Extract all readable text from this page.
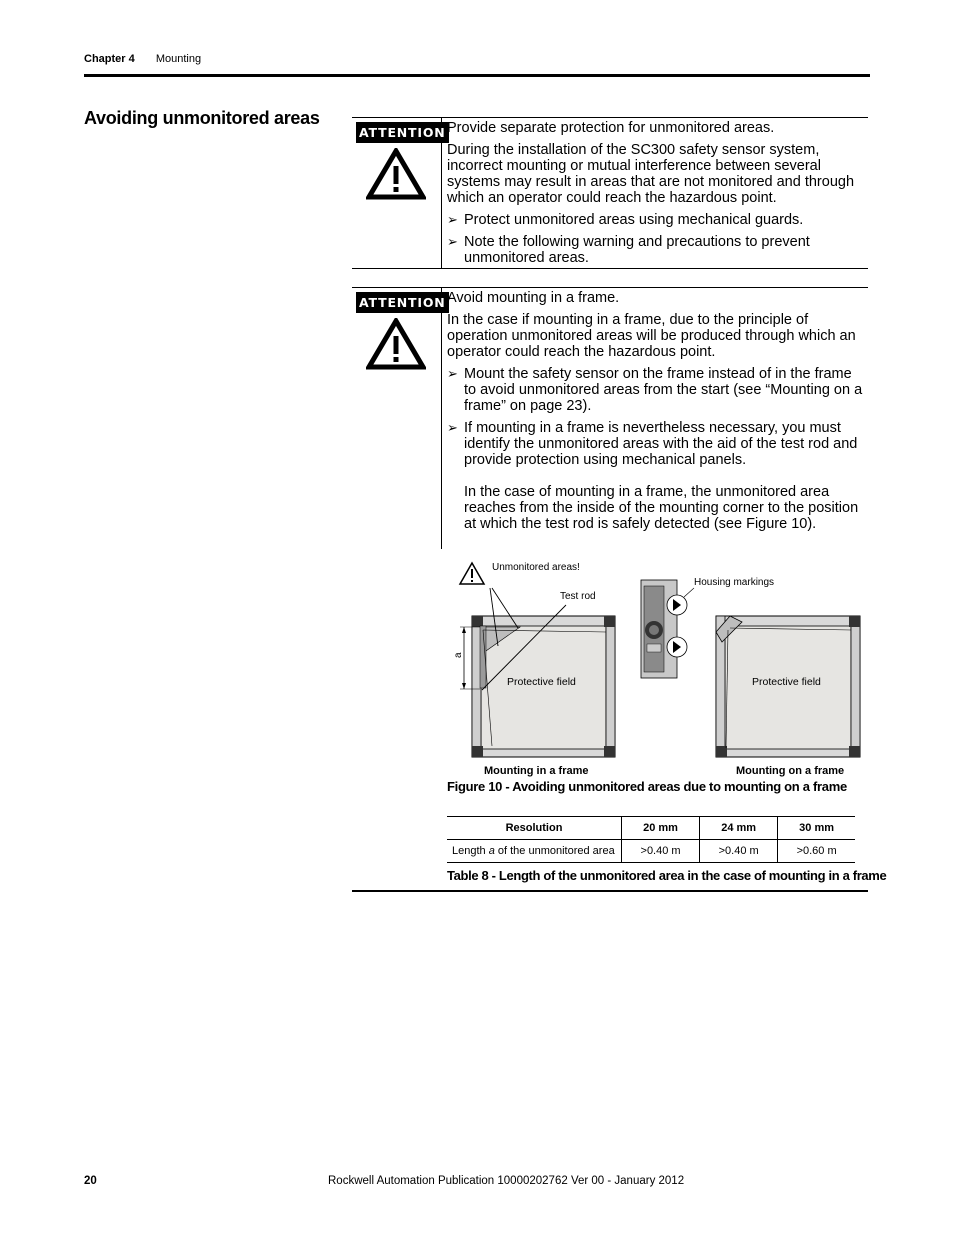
Chapter 4 Mounting
Avoiding unmonitored areas
ATTENTION Provide separate protection for unmonitored areas.

During the installation of the SC300 safety sensor system, incorrect mounting or mutual interference between several systems may result in areas that are not monitored and through which an operator could reach the hazardous point.

➢ Protect unmonitored areas using mechanical guards.
➢ Note the following warning and precautions to prevent unmonitored areas.
ATTENTION Avoid mounting in a frame.

In the case if mounting in a frame, due to the principle of operation unmonitored areas will be produced through which an operator could reach the hazardous point.

➢ Mount the safety sensor on the frame instead of in the frame to avoid unmonitored areas from the start (see “Mounting on a frame” on page 23).
➢ If mounting in a frame is nevertheless necessary, you must identify the unmonitored areas with the aid of the test rod and provide protection using mechanical panels.
In the case of mounting in a frame, the unmonitored area reaches from the inside of the mounting corner to the position at which the test rod is safely detected (see Figure 10).
Unmonitored areas!
Test rod
Housing markings
a
Protective field	Protective field
Mounting in a frame	Mounting on a frame
Figure 10 - Avoiding unmonitored areas due to mounting on a frame
Resolution	20 mm	24 mm	30 mm
Length a of the unmonitored area	>0.40 m	>0.40 m	>0.60 m
Table 8 - Length of the unmonitored area in the case of mounting in a frame
20	Rockwell Automation Publication 10000202762 Ver 00 - January 2012
